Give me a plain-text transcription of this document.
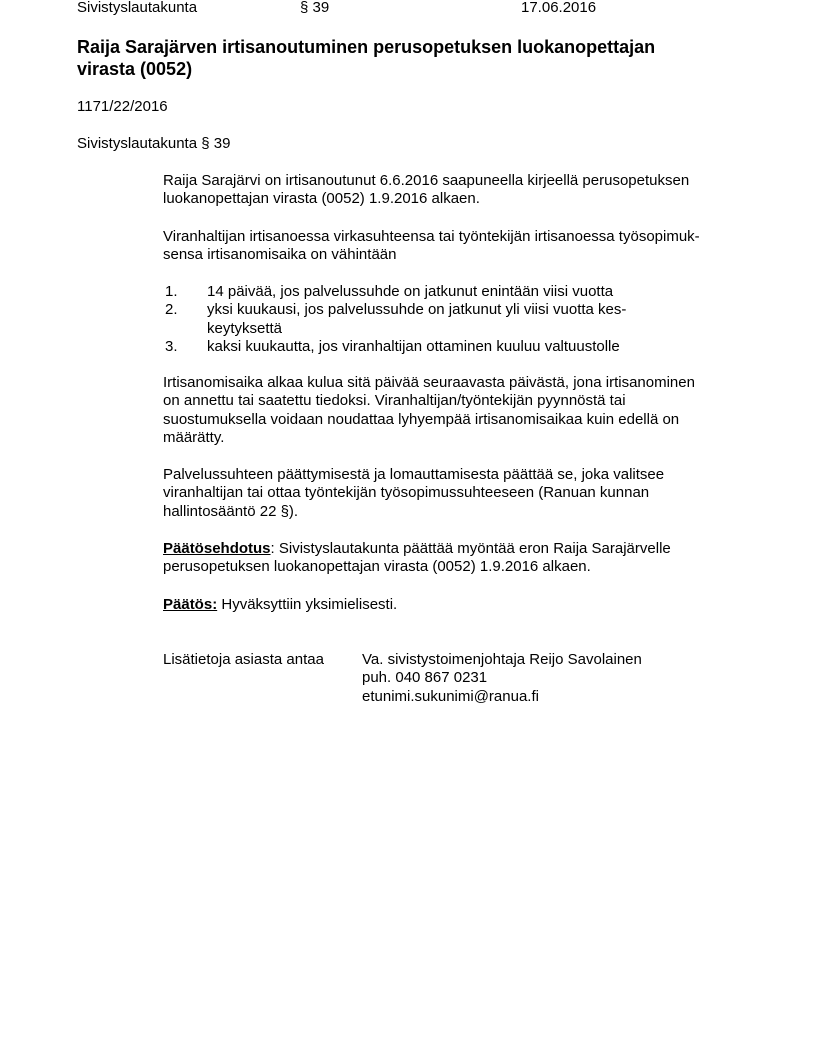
Sivistyslautakunta	§ 39	17.06.2016
Raija Sarajärven irtisanoutuminen perusopetuksen luokanopettajan
virasta (0052)
1171/22/2016
Sivistyslautakunta § 39
Raija Sarajärvi on irtisanoutunut 6.6.2016 saapuneella kirjeellä perusopetuksen
luokanopettajan virasta (0052) 1.9.2016 alkaen.
Viranhaltijan irtisanoessa virkasuhteensa tai työntekijän irtisanoessa työsopimuk-
sensa irtisanomisaika on vähintään
1.	14 päivää, jos palvelussuhde on jatkunut enintään viisi vuotta
2.	yksi kuukausi, jos palvelussuhde on jatkunut yli viisi vuotta kes-
keytyksettä
3.	kaksi kuukautta, jos viranhaltijan ottaminen kuuluu valtuustolle
Irtisanomisaika alkaa kulua sitä päivää seuraavasta päivästä, jona irtisanominen
on annettu tai saatettu tiedoksi. Viranhaltijan/työntekijän pyynnöstä tai
suostumuksella voidaan noudattaa lyhyempää irtisanomisaikaa kuin edellä on
määrätty.
Palvelussuhteen päättymisestä ja lomauttamisesta päättää se, joka valitsee
viranhaltijan tai ottaa työntekijän työsopimussuhteeseen (Ranuan kunnan
hallintosääntö 22 §).
Päätösehdotus: Sivistyslautakunta päättää myöntää eron Raija Sarajärvelle
perusopetuksen luokanopettajan virasta (0052) 1.9.2016 alkaen.
Päätös: Hyväksyttiin yksimielisesti.
Lisätietoja asiasta antaa	Va. sivistystoimenjohtaja Reijo Savolainen
puh. 040 867 0231
etunimi.sukunimi@ranua.fi
